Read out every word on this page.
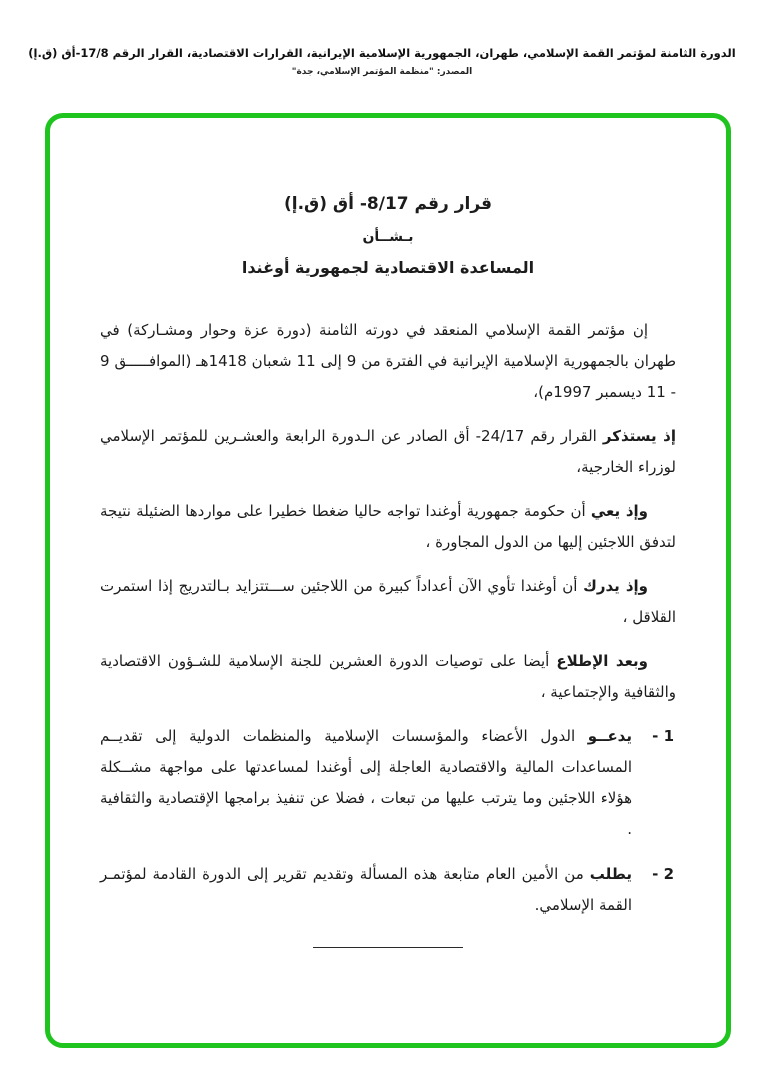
الدورة الثامنة لمؤتمر القمة الإسلامي، طهران، الجمهورية الإسلامية الإيرانية، القرارات الاقتصادية، القرار الرقم 17/8-أق (ق.إ)
المصدر: "منظمة المؤتمر الإسلامي، جدة"
قرار رقم 8/17- أق (ق.إ)
بـشــأن
المساعدة الاقتصادية لجمهورية أوغندا

إن مؤتمر القمة الإسلامي المنعقد في دورته الثامنة (دورة عزة وحوار ومشـاركة) في طهران بالجمهورية الإسلامية الإيرانية في الفترة من 9 إلى 11 شعبان 1418هـ (الموافـــــق 9 - 11 ديسمبر 1997م)،

إذ يستذكر القرار رقم 24/17- أق الصادر عن الـدورة الرابعة والعشـرين للمؤتمر الإسلامي لوزراء الخارجية،

وإذ يعي أن حكومة جمهورية أوغندا تواجه حاليا ضغطا خطيرا على مواردها الضئيلة نتيجة لتدفق اللاجئين إليها من الدول المجاورة ،

وإذ يدرك أن أوغندا تأوي الآن أعداداً كبيرة من اللاجئين ســـتتزايد بـالتدريج إذا استمرت القلاقل ،

وبعد الإطلاع أيضا على توصيات الدورة العشرين للجنة الإسلامية للشـؤون الاقتصادية والثقافية والإجتماعية ،

1 -
يدعــو الدول الأعضاء والمؤسسات الإسلامية والمنظمات الدولية إلى تقديــم المساعدات المالية والاقتصادية العاجلة إلى أوغندا لمساعدتها على مواجهة مشــكلة هؤلاء اللاجئين وما يترتب عليها من تبعات ، فضلا عن تنفيذ برامجها الإقتصادية والثقافية .
2 -
يطلب من الأمين العام متابعة هذه المسألة وتقديم تقرير إلى الدورة القادمة لمؤتمـر القمة الإسلامي.
